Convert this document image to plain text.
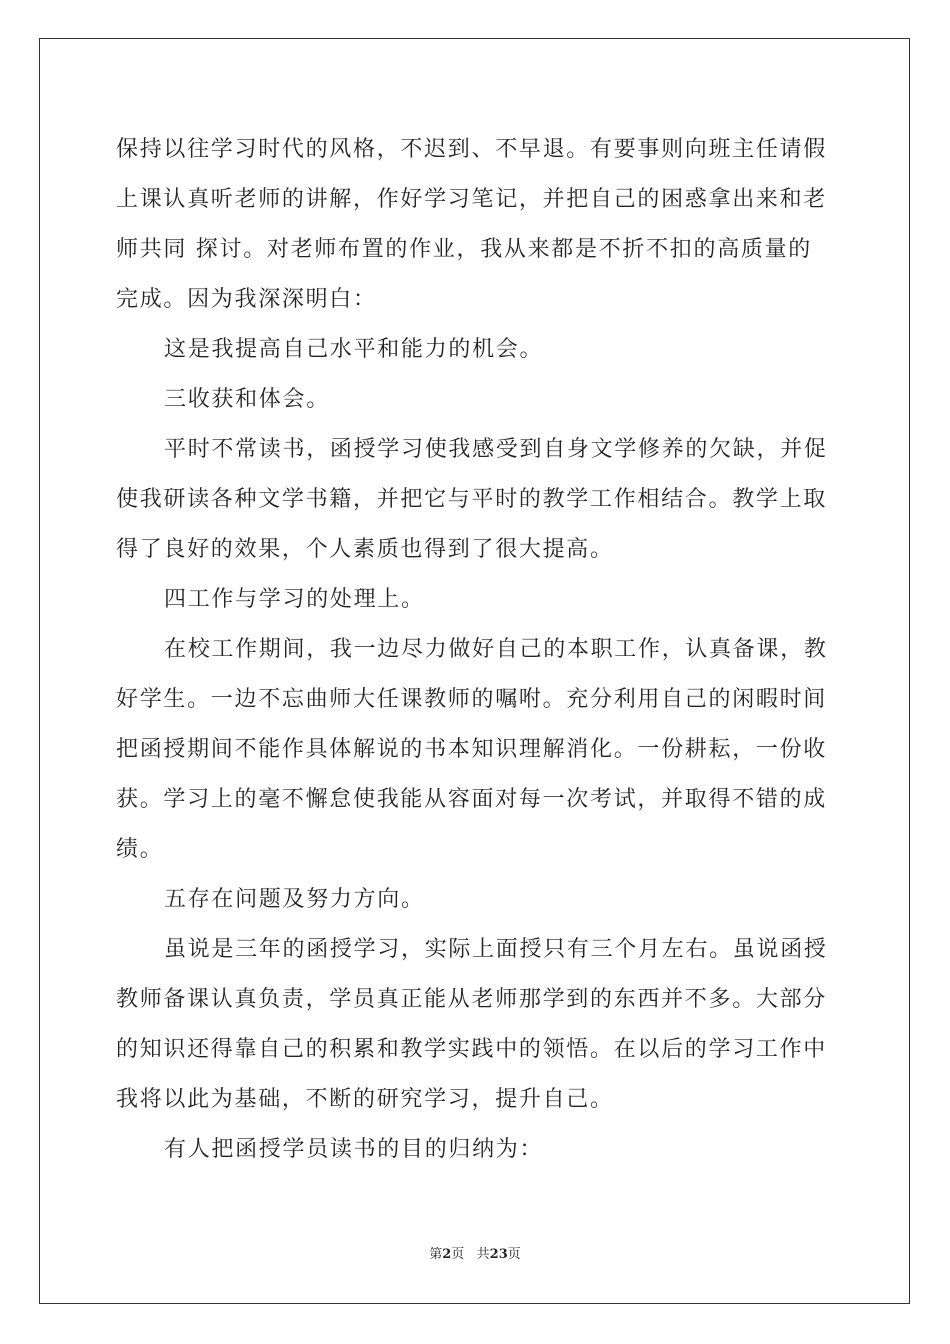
保持以往学习时代的风格，不迟到、不早退。有要事则向班主任请假
上课认真听老师的讲解，作好学习笔记，并把自己的困惑拿出来和老
师共同 探讨。对老师布置的作业，我从来都是不折不扣的高质量的
完成。因为我深深明白：
这是我提高自己水平和能力的机会。
三收获和体会。
平时不常读书，函授学习使我感受到自身文学修养的欠缺，并促
使我研读各种文学书籍，并把它与平时的教学工作相结合。教学上取
得了良好的效果，个人素质也得到了很大提高。
四工作与学习的处理上。
在校工作期间，我一边尽力做好自己的本职工作，认真备课，教
好学生。一边不忘曲师大任课教师的嘱咐。充分利用自己的闲暇时间
把函授期间不能作具体解说的书本知识理解消化。一份耕耘，一份收
获。学习上的毫不懈怠使我能从容面对每一次考试，并取得不错的成
绩。
五存在问题及努力方向。
虽说是三年的函授学习，实际上面授只有三个月左右。虽说函授
教师备课认真负责，学员真正能从老师那学到的东西并不多。大部分
的知识还得靠自己的积累和教学实践中的领悟。在以后的学习工作中
我将以此为基础，不断的研究学习，提升自己。
有人把函授学员读书的目的归纳为：
第2页   共23页
